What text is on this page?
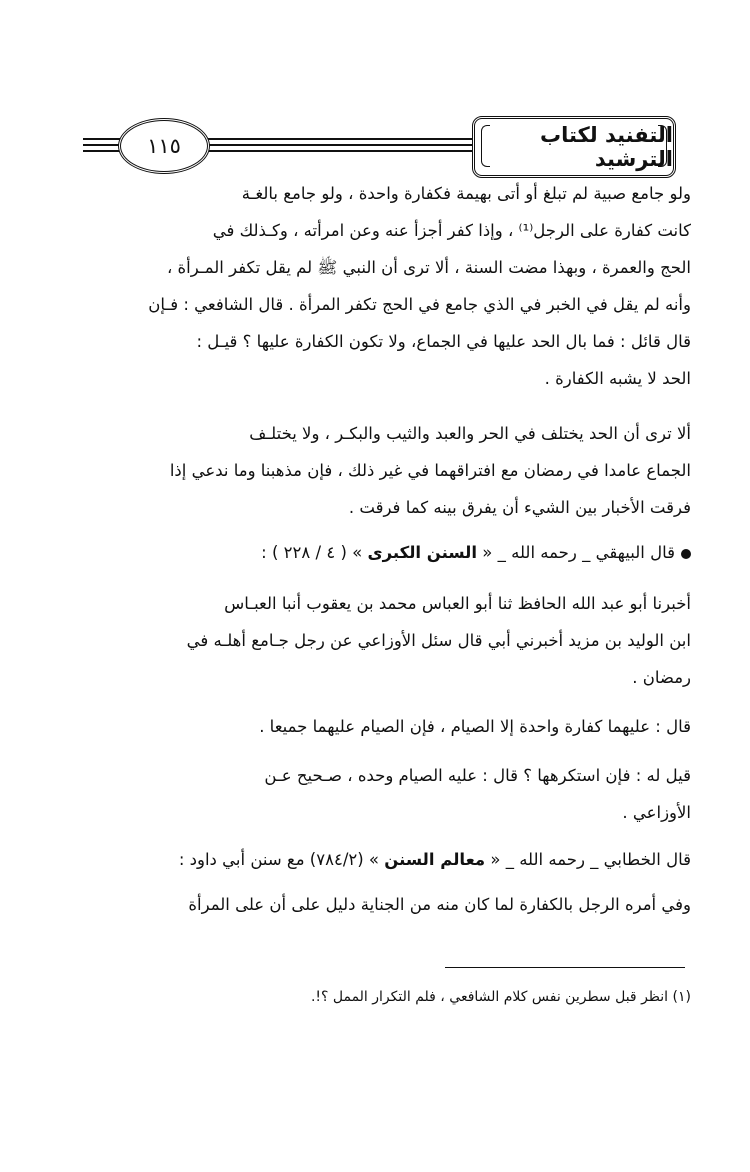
١١٥	التفنيد لكتاب الترشيد
ولو جامع صبية لم تبلغ أو أتى بهيمة فكفارة واحدة ، ولو جامع بالغـة
كانت كفارة على الرجل⁽¹⁾ ، وإذا كفر أجزأ عنه وعن امرأته ، وكـذلك في
الحج والعمرة ، وبهذا مضت السنة ، ألا ترى أن النبي ﷺ لم يقل تكفر المـرأة ،
وأنه لم يقل في الخبر في الذي جامع في الحج تكفر المرأة . قال الشافعي : فـإن
قال قائل : فما بال الحد عليها في الجماع، ولا تكون الكفارة عليها ؟ قيـل :
الحد لا يشبه الكفارة .
ألا ترى أن الحد يختلف في الحر والعبد والثيب والبكـر ، ولا يختلـف
الجماع عامدا في رمضان مع افتراقهما في غير ذلك ، فإن مذهبنا وما ندعي إذا
فرقت الأخبار بين الشيء أن يفرق بينه كما فرقت .
قال البيهقي _ رحمه الله _ « السنن الكبرى » ( ٤ / ٢٢٨ ) :
أخبرنا أبو عبد الله الحافظ ثنا أبو العباس محمد بن يعقوب أنبا العبـاس
ابن الوليد بن مزيد أخبرني أبي قال سئل الأوزاعي عن رجل جـامع أهلـه في
رمضان .
قال : عليهما كفارة واحدة إلا الصيام ، فإن الصيام عليهما جميعا .
قيل له : فإن استكرهها ؟ قال : عليه الصيام وحده ، صـحيح عـن
الأوزاعي .
قال الخطابي _ رحمه الله _ « معالم السنن » (٧٨٤/٢) مع سنن أبي داود :
وفي أمره الرجل بالكفارة لما كان منه من الجناية دليل على أن على المرأة
(١) انظر قبل سطرين نفس كلام الشافعي ، فلم التكرار الممل ؟!.
